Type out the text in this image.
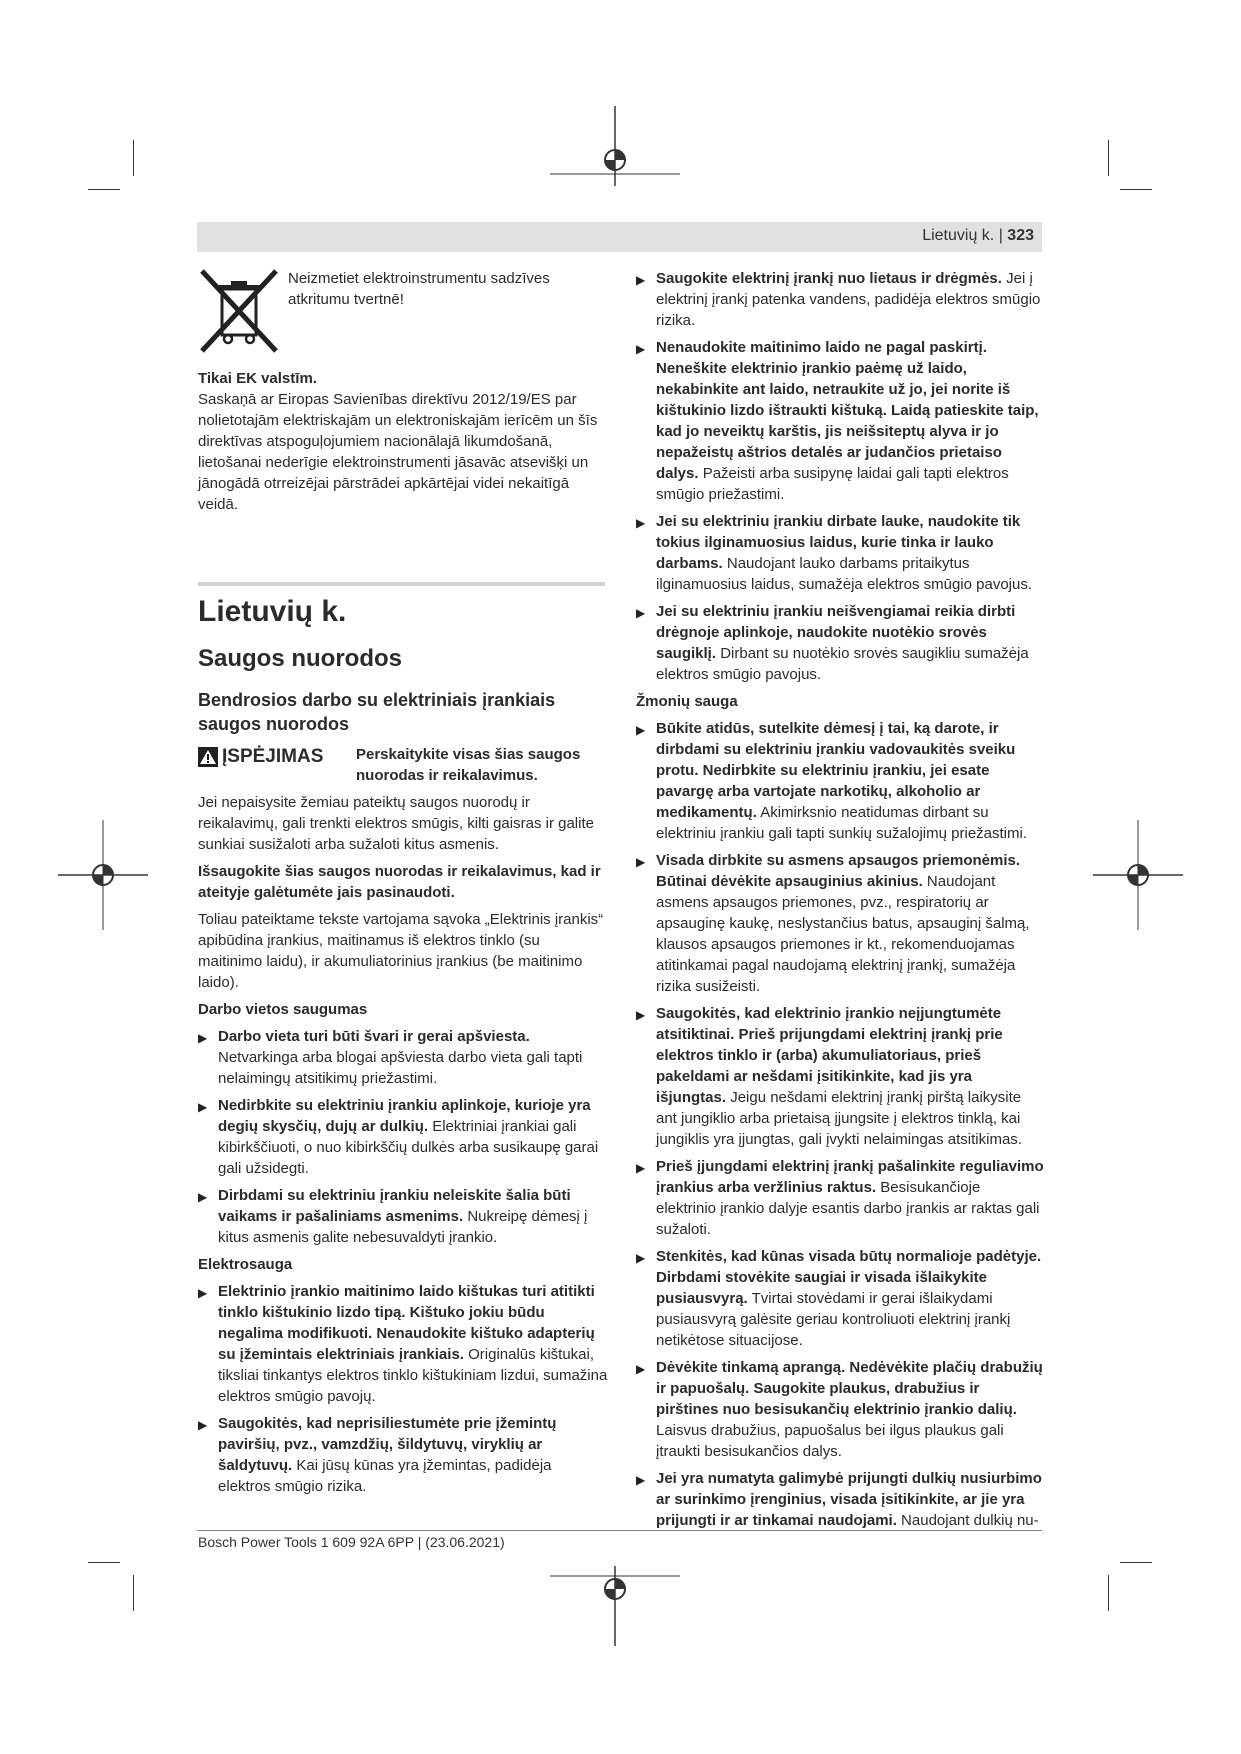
Lietuvių k. | 323

Neizmetiet elektroinstrumentu sadzīves atkritumu tvertnē!

Tikai EK valstīm.

Saskaņā ar Eiropas Savienības direktīvu 2012/19/ES par nolietotajām elektriskajām un elektroniskajām ierīcēm un šīs direktīvas atspoguļojumiem nacionālajā likumdošanā, lietošanai nederīgie elektroinstrumenti jāsavāc atsevišķi un jānogādā otrreizējai pārstrādei apkārtējai videi nekaitīgā veidā.

Lietuvių k.

Saugos nuorodos

Bendrosios darbo su elektriniais įrankiais saugos nuorodos

ĮSPĖJIMAS Perskaitykite visas šias saugos nuorodas ir reikalavimus.

Jei nepaisysite žemiau pateiktų saugos nuorodų ir reikalavimų, gali trenkti elektros smūgis, kilti gaisras ir galite sunkiai susižaloti arba sužaloti kitus asmenis.

Išsaugokite šias saugos nuorodas ir reikalavimus, kad ir ateityje galėtumėte jais pasinaudoti.

Toliau pateiktame tekste vartojama sąvoka „Elektrinis įrankis“ apibūdina įrankius, maitinamus iš elektros tinklo (su maitinimo laidu), ir akumuliatorinius įrankius (be maitinimo laido).

Darbo vietos saugumas

▶ Darbo vieta turi būti švari ir gerai apšviesta. Netvarkinga arba blogai apšviesta darbo vieta gali tapti nelaimingų atsitikimų priežastimi.
▶ Nedirbkite su elektriniu įrankiu aplinkoje, kurioje yra degių skysčių, dujų ar dulkių. Elektriniai įrankiai gali kibirkščiuoti, o nuo kibirkščių dulkės arba susikaupę garai gali užsidegti.
▶ Dirbdami su elektriniu įrankiu neleiskite šalia būti vaikams ir pašaliniams asmenims. Nukreipę dėmesį į kitus asmenis galite nebesuvaldyti įrankio.

Elektrosauga

▶ Elektrinio įrankio maitinimo laido kištukas turi atitikti tinklo kištukinio lizdo tipą. Kištuko jokiu būdu negalima modifikuoti. Nenaudokite kištuko adapterių su įžemintais elektriniais įrankiais. Originalūs kištukai, tiksliai tinkantys elektros tinklo kištukiniam lizdui, sumažina elektros smūgio pavojų.
▶ Saugokitės, kad neprisiliestumėte prie įžemintų paviršių, pvz., vamzdžių, šildytuvų, viryklių ar šaldytuvų. Kai jūsų kūnas yra įžemintas, padidėja elektros smūgio rizika.
▶ Saugokite elektrinį įrankį nuo lietaus ir drėgmės. Jei į elektrinį įrankį patenka vandens, padidėja elektros smūgio rizika.
▶ Nenaudokite maitinimo laido ne pagal paskirtį. Neneškite elektrinio įrankio paėmę už laido, nekabinkite ant laido, netraukite už jo, jei norite iš kištukinio lizdo ištraukti kištuką. Laidą patieskite taip, kad jo neveiktų karštis, jis neišsiteptų alyva ir jo nepažeistų aštrios detalės ar judančios prietaiso dalys. Pažeisti arba susipynę laidai gali tapti elektros smūgio priežastimi.
▶ Jei su elektriniu įrankiu dirbate lauke, naudokite tik tokius ilginamuosius laidus, kurie tinka ir lauko darbams. Naudojant lauko darbams pritaikytus ilginamuosius laidus, sumažėja elektros smūgio pavojus.
▶ Jei su elektriniu įrankiu neišvengiamai reikia dirbti drėgnoje aplinkoje, naudokite nuotėkio srovės saugiklį. Dirbant su nuotėkio srovės saugikliu sumažėja elektros smūgio pavojus.

Žmonių sauga

▶ Būkite atidūs, sutelkite dėmesį į tai, ką darote, ir dirbdami su elektriniu įrankiu vadovaukitės sveiku protu. Nedirbkite su elektriniu įrankiu, jei esate pavargę arba vartojate narkotikų, alkoholio ar medikamentų. Akimirksnio neatidumas dirbant su elektriniu įrankiu gali tapti sunkių sužalojimų priežastimi.
▶ Visada dirbkite su asmens apsaugos priemonėmis. Būtinai dėvėkite apsauginius akinius. Naudojant asmens apsaugos priemones, pvz., respiratorių ar apsauginę kaukę, neslystančius batus, apsauginį šalmą, klausos apsaugos priemones ir kt., rekomenduojamas atitinkamai pagal naudojamą elektrinį įrankį, sumažėja rizika susižeisti.
▶ Saugokitės, kad elektrinio įrankio neįjungtumėte atsitiktinai. Prieš prijungdami elektrinį įrankį prie elektros tinklo ir (arba) akumuliatoriaus, prieš pakeldami ar nešdami įsitikinkite, kad jis yra išjungtas. Jeigu nešdami elektrinį įrankį pirštą laikysite ant jungiklio arba prietaisą įjungsite į elektros tinklą, kai jungiklis yra įjungtas, gali įvykti nelaimingas atsitikimas.
▶ Prieš įjungdami elektrinį įrankį pašalinkite reguliavimo įrankius arba veržlinius raktus. Besisukančioje elektrinio įrankio dalyje esantis darbo įrankis ar raktas gali sužaloti.
▶ Stenkitės, kad kūnas visada būtų normalioje padėtyje. Dirbdami stovėkite saugiai ir visada išlaikykite pusiausvyrą. Tvirtai stovėdami ir gerai išlaikydami pusiausvyrą galėsite geriau kontroliuoti elektrinį įrankį netikėtose situacijose.
▶ Dėvėkite tinkamą aprangą. Nedėvėkite plačių drabužių ir papuošalų. Saugokite plaukus, drabužius ir pirštines nuo besisukančių elektrinio įrankio dalių. Laisvus drabužius, papuošalus bei ilgus plaukus gali įtraukti besisukančios dalys.
▶ Jei yra numatyta galimybė prijungti dulkių nusiurbimo ar surinkimo įrenginius, visada įsitikinkite, ar jie yra prijungti ir ar tinkamai naudojami. Naudojant dulkių nu-
Bosch Power Tools 1 609 92A 6PP | (23.06.2021)
